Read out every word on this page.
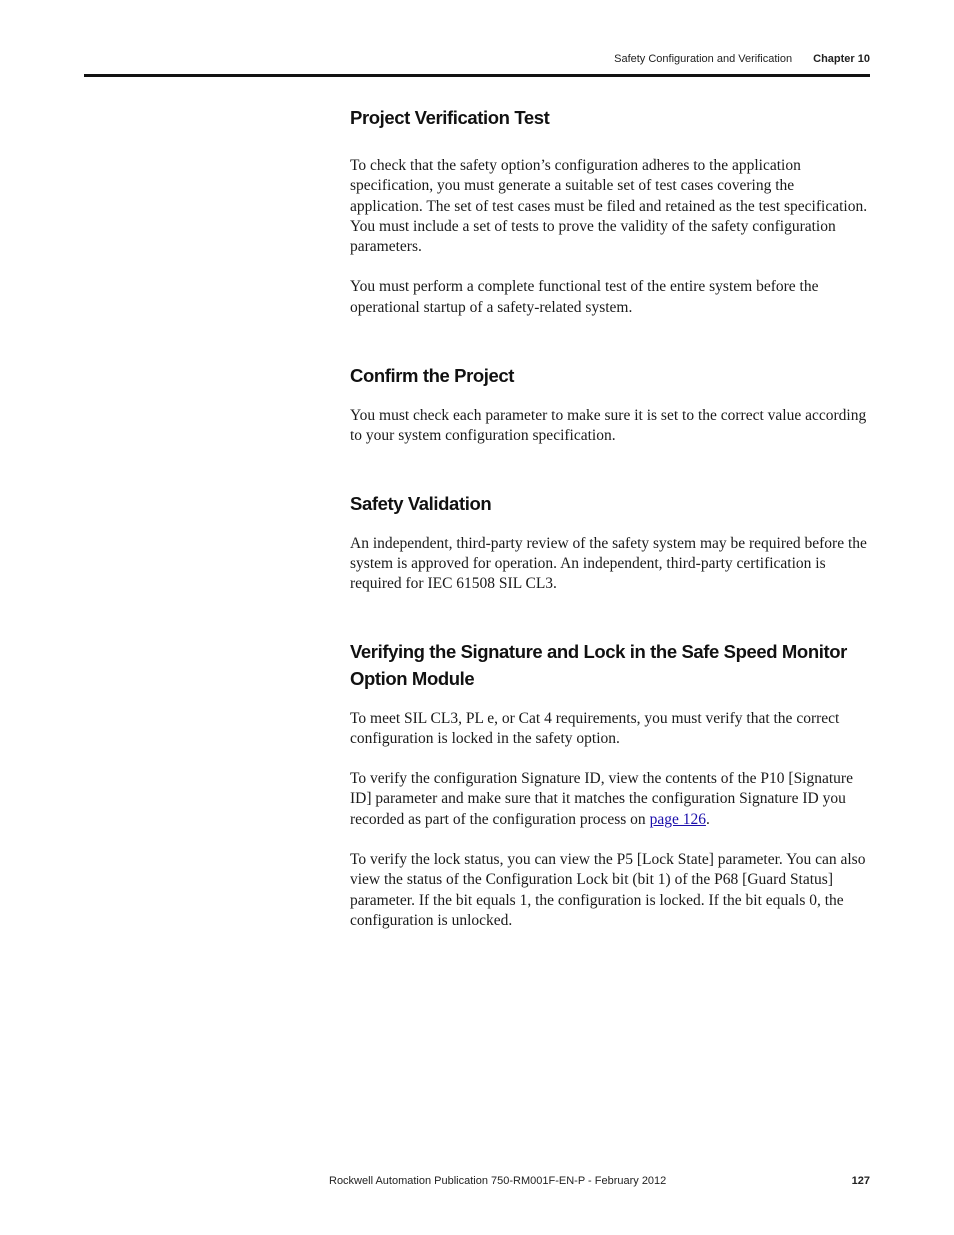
Safety Configuration and Verification Chapter 10
Project Verification Test

To check that the safety option’s configuration adheres to the application specification, you must generate a suitable set of test cases covering the application. The set of test cases must be filed and retained as the test specification. You must include a set of tests to prove the validity of the safety configuration parameters.

You must perform a complete functional test of the entire system before the operational startup of a safety-related system.

Confirm the Project

You must check each parameter to make sure it is set to the correct value according to your system configuration specification.

Safety Validation

An independent, third-party review of the safety system may be required before the system is approved for operation. An independent, third-party certification is required for IEC 61508 SIL CL3.

Verifying the Signature and Lock in the Safe Speed Monitor Option Module

To meet SIL CL3, PL e, or Cat 4 requirements, you must verify that the correct configuration is locked in the safety option.

To verify the configuration Signature ID, view the contents of the P10 [Signature ID] parameter and make sure that it matches the configuration Signature ID you recorded as part of the configuration process on page 126.

To verify the lock status, you can view the P5 [Lock State] parameter. You can also view the status of the Configuration Lock bit (bit 1) of the P68 [Guard Status] parameter. If the bit equals 1, the configuration is locked. If the bit equals 0, the configuration is unlocked.

Rockwell Automation Publication 750-RM001F-EN-P - February 2012	127
